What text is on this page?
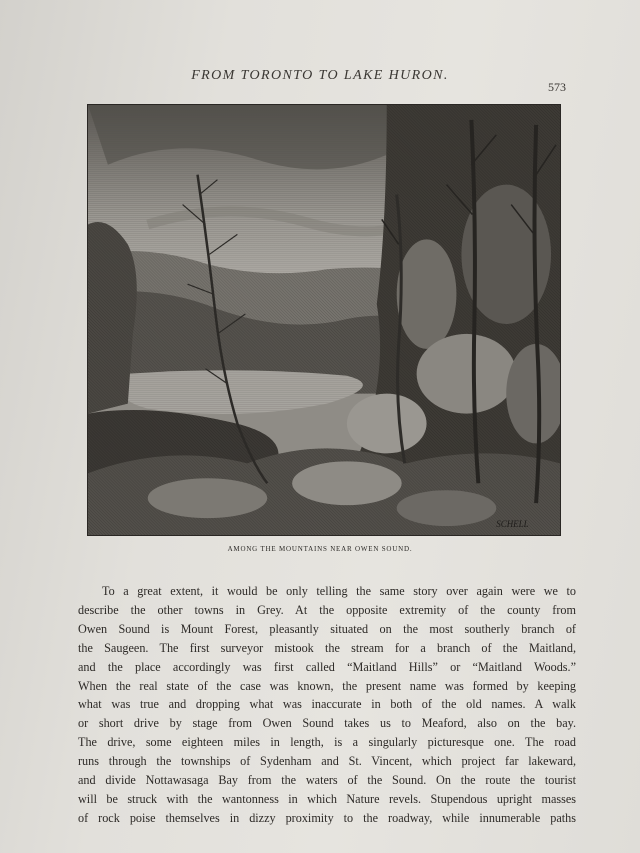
FROM TORONTO TO LAKE HURON.
573
SCHELL
AMONG THE MOUNTAINS NEAR OWEN SOUND.
To a great extent, it would be only telling the same story over again were we to
describe the other towns in Grey. At the opposite extremity of the county from
Owen Sound is Mount Forest, pleasantly situated on the most southerly branch of
the Saugeen. The first surveyor mistook the stream for a branch of the Maitland,
and the place accordingly was first called “Maitland Hills” or “Maitland Woods.”
When the real state of the case was known, the present name was formed by keeping
what was true and dropping what was inaccurate in both of the old names. A walk
or short drive by stage from Owen Sound takes us to Meaford, also on the bay.
The drive, some eighteen miles in length, is a singularly picturesque one. The road
runs through the townships of Sydenham and St. Vincent, which project far lakeward,
and divide Nottawasaga Bay from the waters of the Sound. On the route the tourist
will be struck with the wantonness in which Nature revels. Stupendous upright masses
of rock poise themselves in dizzy proximity to the roadway, while innumerable paths
